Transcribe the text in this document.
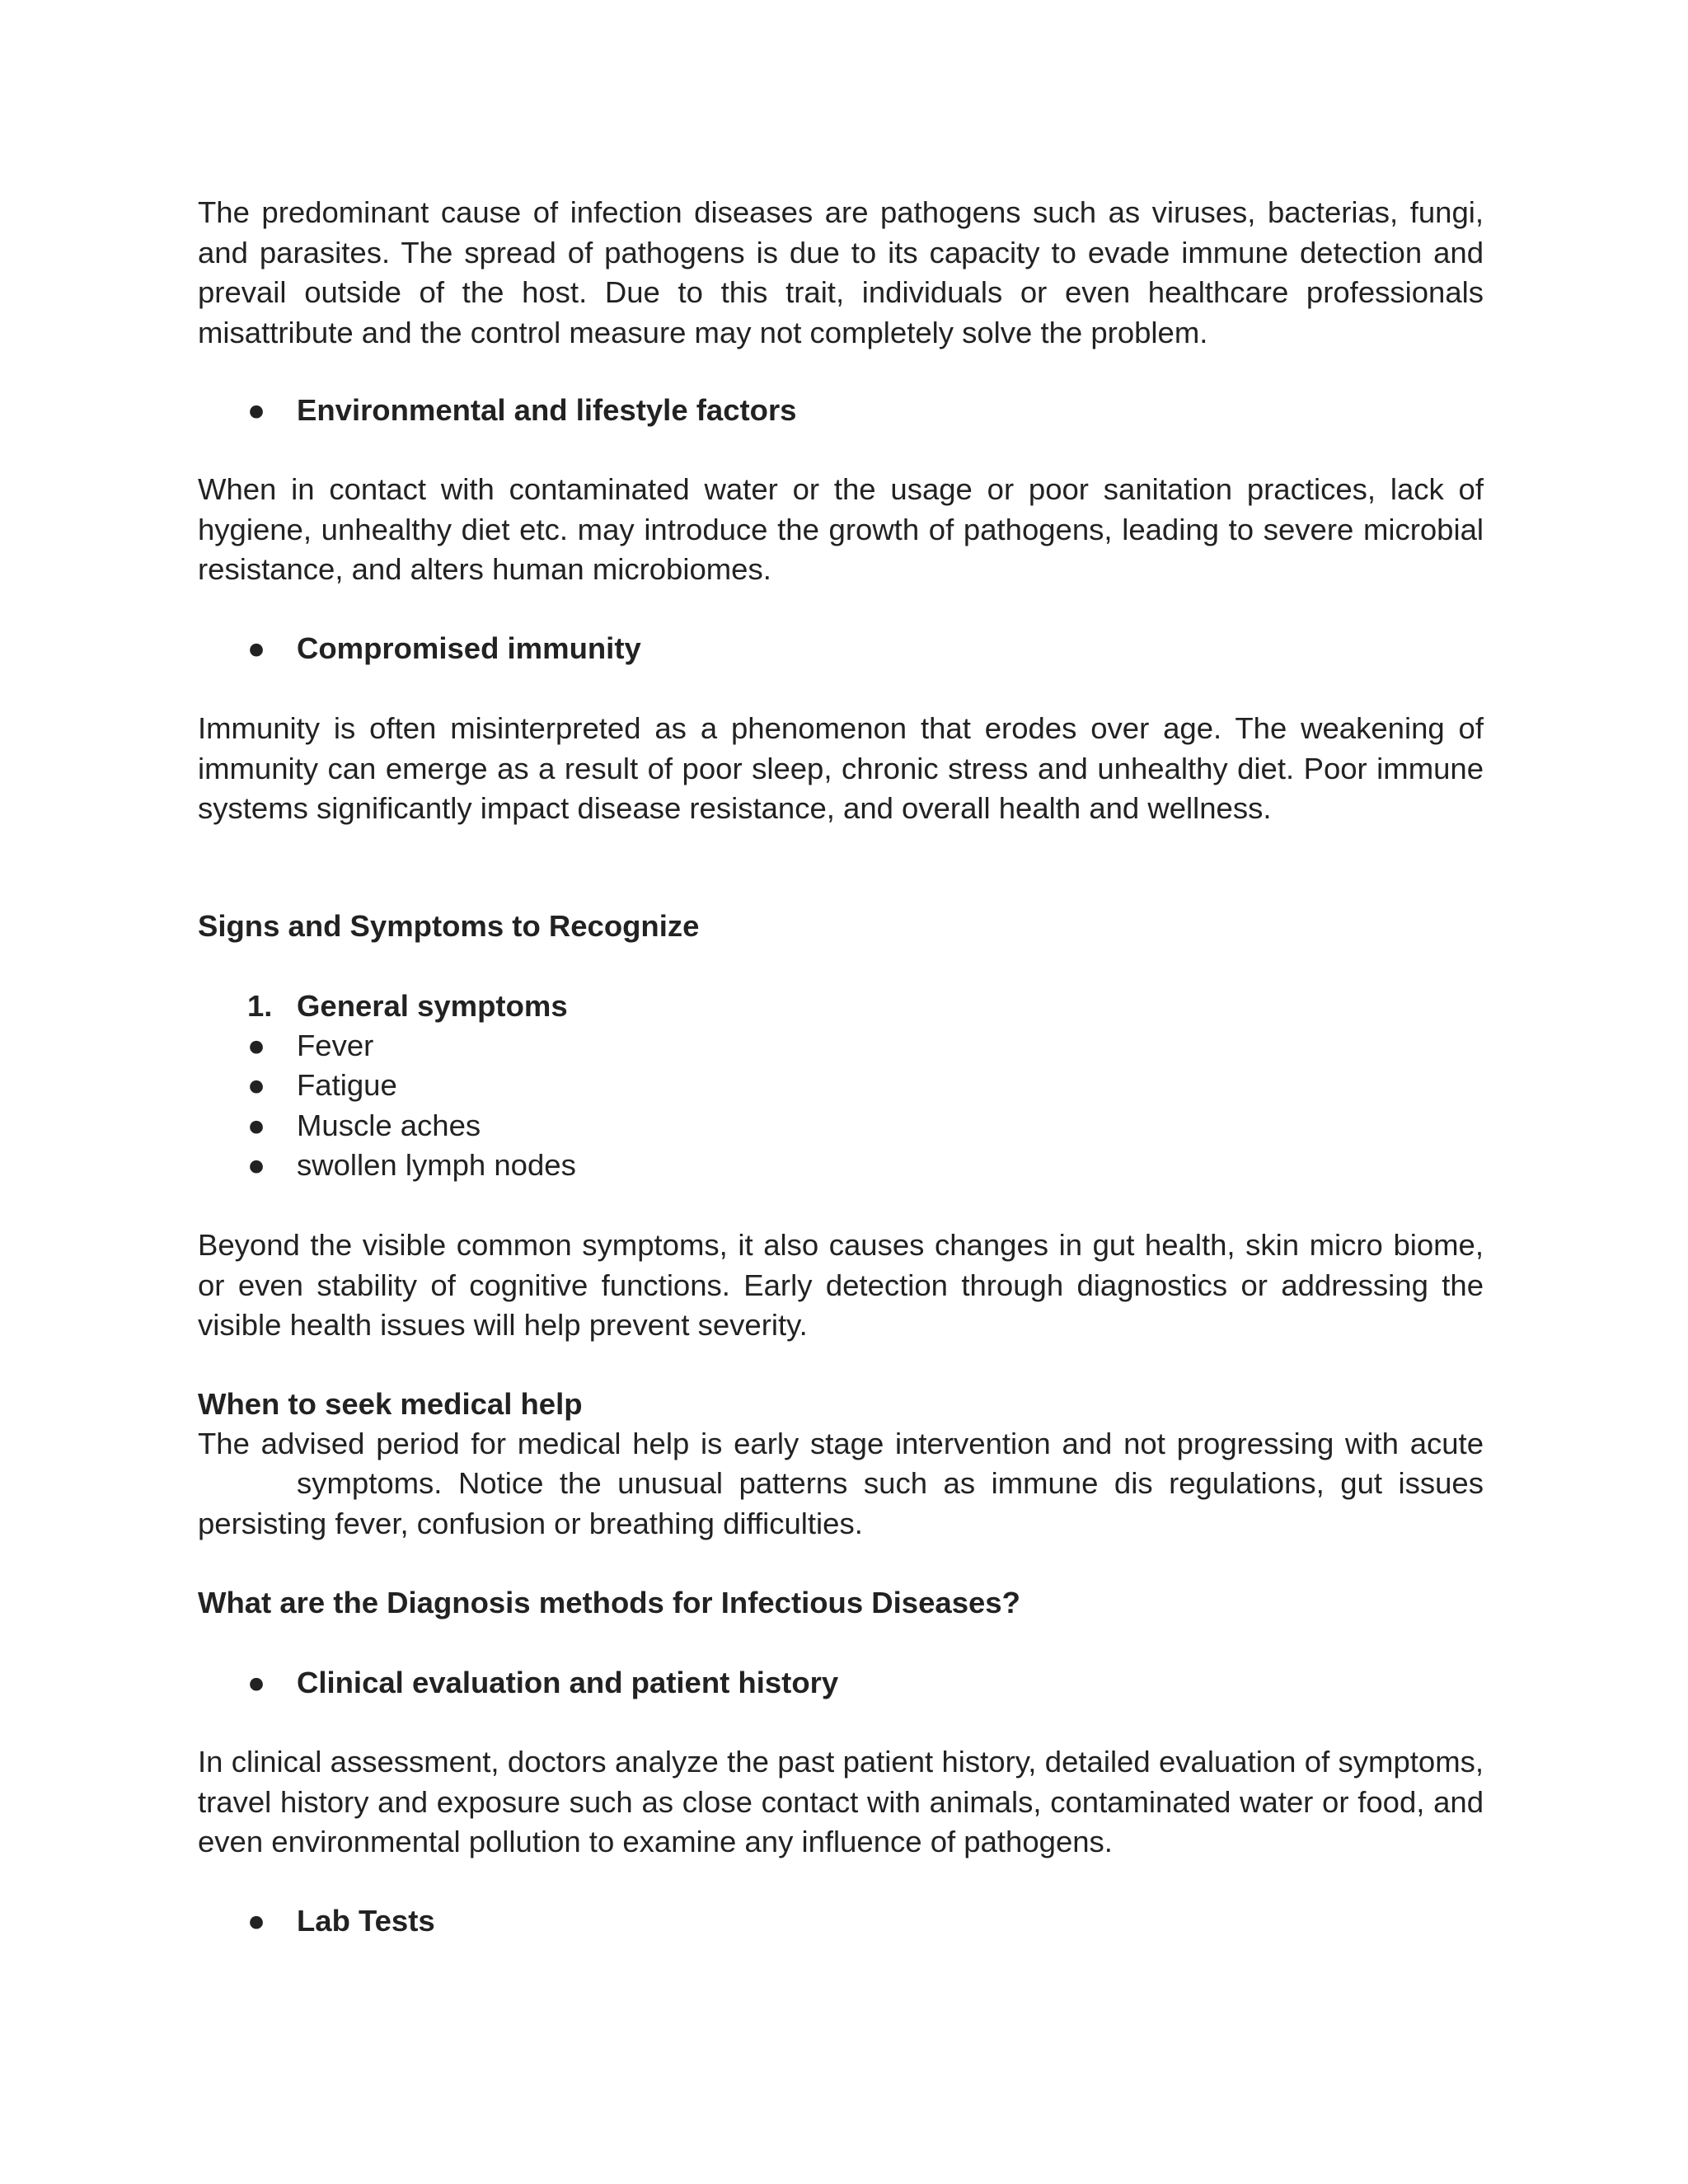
The predominant cause of infection diseases are pathogens such as viruses, bacterias, fungi, and parasites. The spread of pathogens is due to its capacity to evade immune detection and prevail outside of the host. Due to this trait, individuals or even healthcare professionals misattribute and the control measure may not completely solve the problem.
●	Environmental and lifestyle factors
When in contact with contaminated water or the usage or poor sanitation practices, lack of hygiene, unhealthy diet etc. may introduce the growth of pathogens, leading to severe microbial resistance, and alters human microbiomes.
●	Compromised immunity
Immunity is often misinterpreted as a phenomenon that erodes over age. The weakening of immunity can emerge as a result of poor sleep, chronic stress and unhealthy diet. Poor immune systems significantly impact disease resistance, and overall health and wellness.
Signs and Symptoms to Recognize
1. General symptoms
●	Fever
●	Fatigue
●	Muscle aches
●	swollen lymph nodes
Beyond the visible common symptoms, it also causes changes in gut health, skin micro biome, or even stability of cognitive functions. Early detection through diagnostics or addressing the visible health issues will help prevent severity.
When to seek medical help
The advised period for medical help is early stage intervention and not progressing with acute
symptoms. Notice the unusual patterns such as immune dis regulations, gut issues
persisting fever, confusion or breathing difficulties.
What are the Diagnosis methods for Infectious Diseases?
●	Clinical evaluation and patient history
In clinical assessment, doctors analyze the past patient history, detailed evaluation of symptoms, travel history and exposure such as close contact with animals, contaminated water or food, and even environmental pollution to examine any influence of pathogens.
●	Lab Tests
